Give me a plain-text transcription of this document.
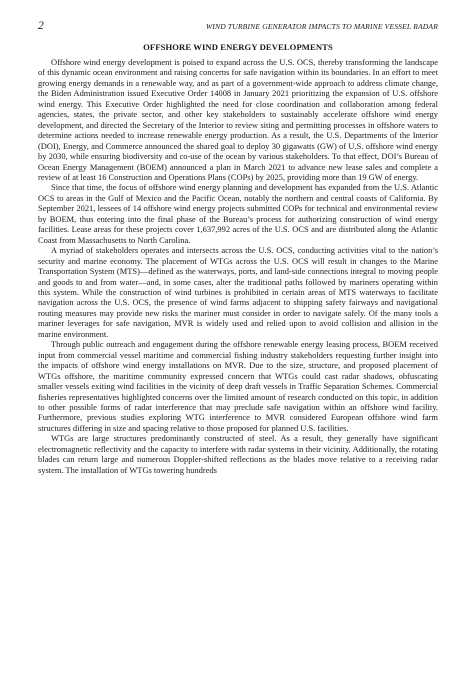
2	WIND TURBINE GENERATOR IMPACTS TO MARINE VESSEL RADAR
OFFSHORE WIND ENERGY DEVELOPMENTS

Offshore wind energy development is poised to expand across the U.S. OCS, thereby transforming the landscape of this dynamic ocean environment and raising concerns for safe navigation within its boundaries. In an effort to meet growing energy demands in a renewable way, and as part of a government-wide approach to address climate change, the Biden Administration issued Executive Order 14008 in January 2021 prioritizing the expansion of U.S. offshore wind energy. This Executive Order highlighted the need for close coordination and collaboration among federal agencies, states, the private sector, and other key stakeholders to sustainably accelerate offshore wind energy development, and directed the Secretary of the Interior to review siting and permitting processes in offshore waters to determine actions needed to increase renewable energy production. As a result, the U.S. Departments of the Interior (DOI), Energy, and Commerce announced the shared goal to deploy 30 gigawatts (GW) of U.S. offshore wind energy by 2030, while ensuring biodiversity and co-use of the ocean by various stakeholders. To that effect, DOI’s Bureau of Ocean Energy Management (BOEM) announced a plan in March 2021 to advance new lease sales and complete a review of at least 16 Construction and Operations Plans (COPs) by 2025, providing more than 19 GW of energy.

Since that time, the focus of offshore wind energy planning and development has expanded from the U.S. Atlantic OCS to areas in the Gulf of Mexico and the Pacific Ocean, notably the northern and central coasts of California. By September 2021, lessees of 14 offshore wind energy projects submitted COPs for technical and environmental review by BOEM, thus entering into the final phase of the Bureau’s process for authorizing construction of wind energy facilities. Lease areas for these projects cover 1,637,992 acres of the U.S. OCS and are distributed along the Atlantic Coast from Massachusetts to North Carolina.

A myriad of stakeholders operates and intersects across the U.S. OCS, conducting activities vital to the nation’s security and marine economy. The placement of WTGs across the U.S. OCS will result in changes to the Marine Transportation System (MTS)—defined as the waterways, ports, and land-side connections integral to moving people and goods to and from water—and, in some cases, alter the traditional paths followed by mariners operating within this system. While the construction of wind turbines is prohibited in certain areas of MTS waterways to facilitate navigation across the U.S. OCS, the presence of wind farms adjacent to shipping safety fairways and navigational routing measures may provide new risks the mariner must consider in order to navigate safely. Of the many tools a mariner leverages for safe navigation, MVR is widely used and relied upon to avoid collision and allision in the marine environment.

Through public outreach and engagement during the offshore renewable energy leasing process, BOEM received input from commercial vessel maritime and commercial fishing industry stakeholders requesting further insight into the impacts of offshore wind energy installations on MVR. Due to the size, structure, and proposed placement of WTGs offshore, the maritime community expressed concern that WTGs could cast radar shadows, obfuscating smaller vessels exiting wind facilities in the vicinity of deep draft vessels in Traffic Separation Schemes. Commercial fisheries representatives highlighted concerns over the limited amount of research conducted on this topic, in addition to other possible forms of radar interference that may preclude safe navigation within an offshore wind facility. Furthermore, previous studies exploring WTG interference to MVR considered European offshore wind farm structures differing in size and spacing relative to those proposed for planned U.S. facilities.

WTGs are large structures predominantly constructed of steel. As a result, they generally have significant electromagnetic reflectivity and the capacity to interfere with radar systems in their vicinity. Additionally, the rotating blades can return large and numerous Doppler-shifted reflections as the blades move relative to a receiving radar system. The installation of WTGs towering hundreds
